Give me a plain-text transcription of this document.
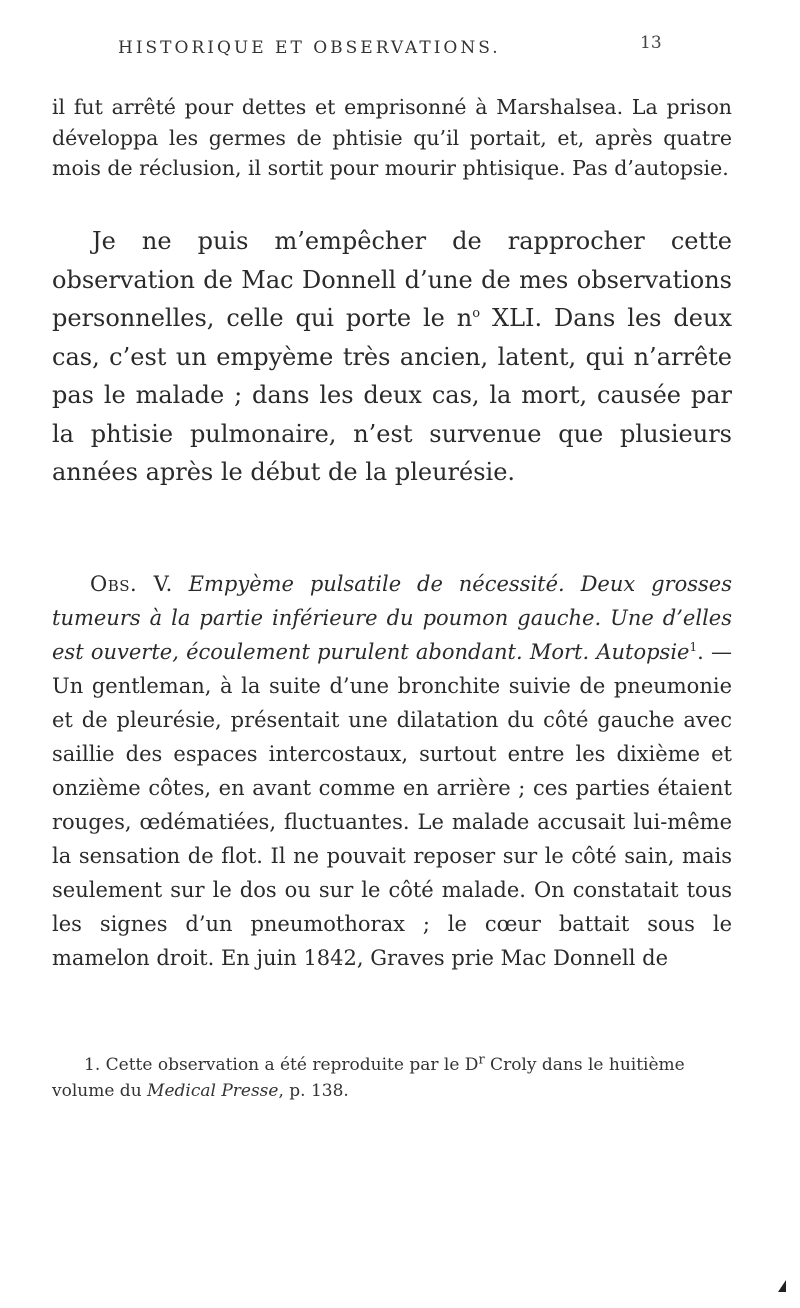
HISTORIQUE ET OBSERVATIONS.	13

il fut arrêté pour dettes et emprisonné à Marshalsea. La prison développa les germes de phtisie qu’il portait, et, après quatre mois de réclusion, il sortit pour mourir phtisique. Pas d’autopsie.

Je ne puis m’empêcher de rapprocher cette observation de Mac Donnell d’une de mes observations personnelles, celle qui porte le $n^o$ XLI. Dans les deux cas, c’est un empyème très ancien, latent, qui n’arrête pas le malade ; dans les deux cas, la mort, causée par la phtisie pulmonaire, n’est survenue que plusieurs années après le début de la pleurésie.

Obs. V. Empyème pulsatile de nécessité. Deux grosses tumeurs à la partie inférieure du poumon gauche. Une d’elles est ouverte, écoulement purulent abondant. Mort. Autopsie$^1$. — Un gentleman, à la suite d’une bronchite suivie de pneumonie et de pleurésie, présentait une dilatation du côté gauche avec saillie des espaces intercostaux, surtout entre les dixième et onzième côtes, en avant comme en arrière ; ces parties étaient rouges, œdématiées, fluctuantes. Le malade accusait lui-même la sensation de flot. Il ne pouvait reposer sur le côté sain, mais seulement sur le dos ou sur le côté malade. On constatait tous les signes d’un pneumothorax ; le cœur battait sous le mamelon droit. En juin 1842, Graves prie Mac Donnell de

1. Cette observation a été reproduite par le $D^r$ Croly dans le huitième volume du Medical Presse, p. 138.
